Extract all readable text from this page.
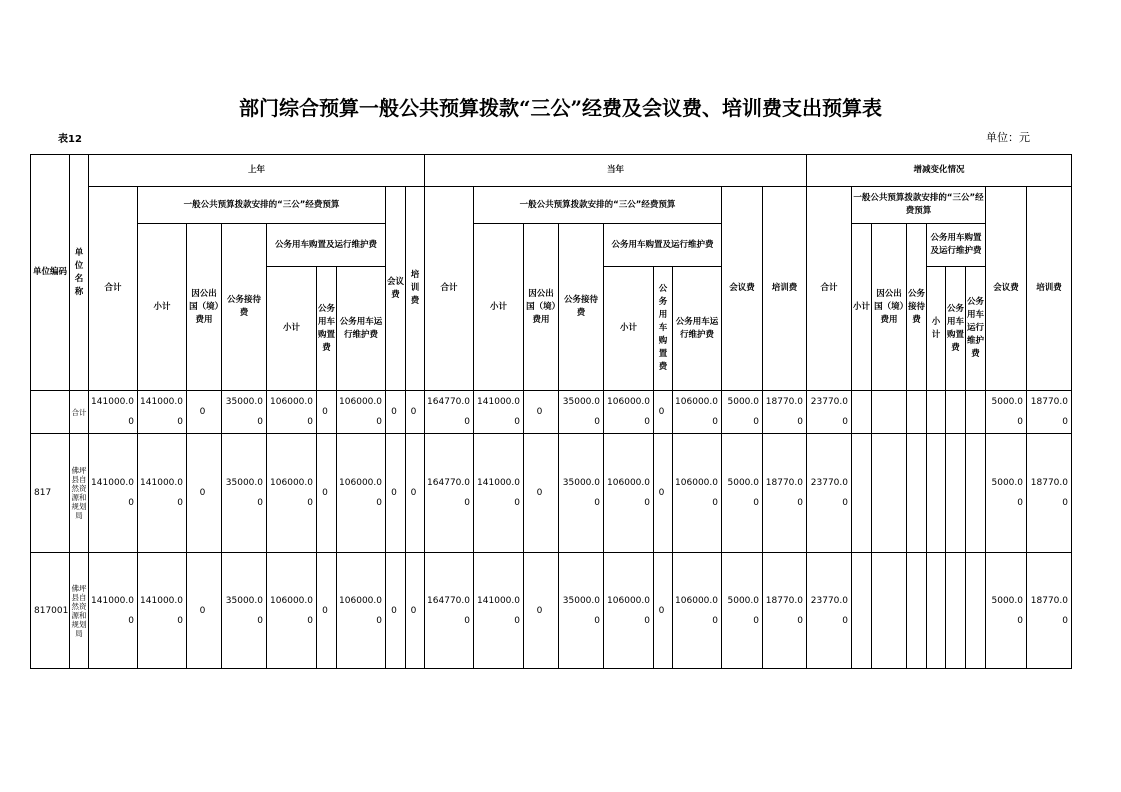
部门综合预算一般公共预算拨款“三公”经费及会议费、培训费支出预算表
表12	单位：元
单位编码	单位名称	上年									当年									增减变化情况								
		合计	一般公共预算拨款安排的“三公”经费预算						会议费	培训费	合计	一般公共预算拨款安排的“三公”经费预算						会议费	培训费	合计	一般公共预算拨款安排的“三公”经费预算						会议费	培训费
			小计	因公出国（境）费用	公务接待费	公务用车购置及运行维护费						小计	因公出国（境）费用	公务接待费	公务用车购置及运行维护费						小计	因公出国（境）费用	公务接待费	公务用车购置及运行维护费				
						小计	公务用车购置费	公务用车运行维护费							小计	公务用车购置费	公务用车运行维护费							小计	公务用车购置费	公务用车运行维护费		

	合计	141000.00	141000.00	0	35000.00	106000.00	0	106000.00	0	0	164770.00	141000.00	0	35000.00	106000.00	0	106000.00	5000.00	18770.00	23770.00							5000.00	18770.00
817	佛坪县自然资源和规划局	141000.00	141000.00	0	35000.00	106000.00	0	106000.00	0	0	164770.00	141000.00	0	35000.00	106000.00	0	106000.00	5000.00	18770.00	23770.00							5000.00	18770.00
817001	佛坪县自然资源和规划局	141000.00	141000.00	0	35000.00	106000.00	0	106000.00	0	0	164770.00	141000.00	0	35000.00	106000.00	0	106000.00	5000.00	18770.00	23770.00							5000.00	18770.00
